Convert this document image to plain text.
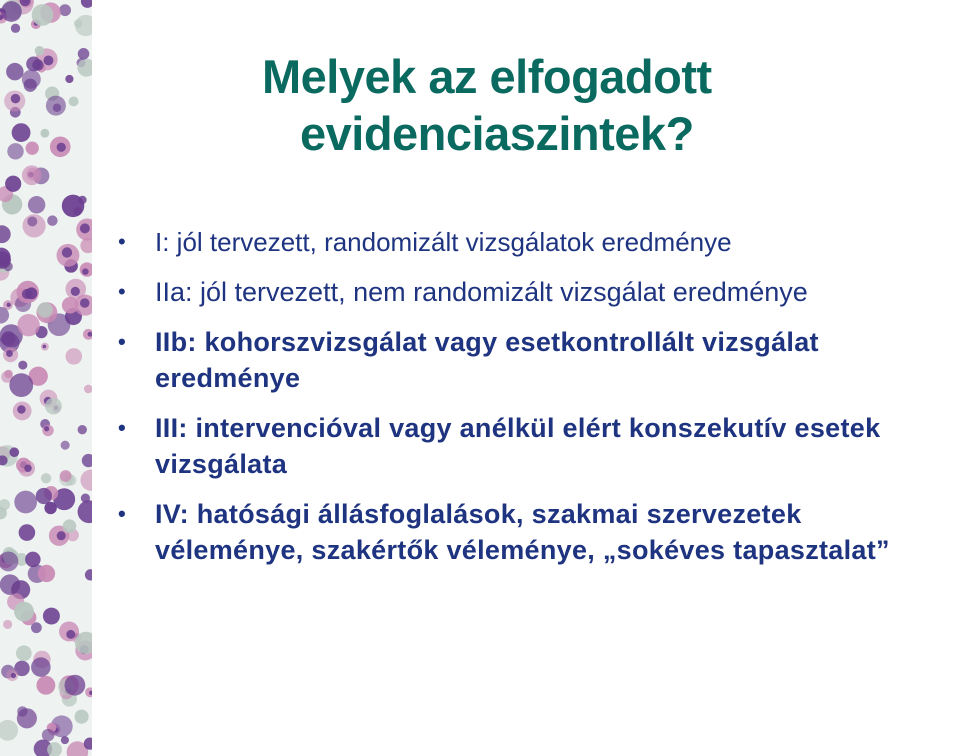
Melyek az elfogadott
evidenciaszintek?
• I: jól tervezett, randomizált vizsgálatok eredménye
• IIa: jól tervezett, nem randomizált vizsgálat eredménye
• IIb: kohorszvizsgálat vagy esetkontrollált vizsgálat eredménye
• III: intervencióval vagy anélkül elért konszekutív esetek vizsgálata
• IV: hatósági állásfoglalások, szakmai szervezetek véleménye, szakértők véleménye, „sokéves tapasztalat”
